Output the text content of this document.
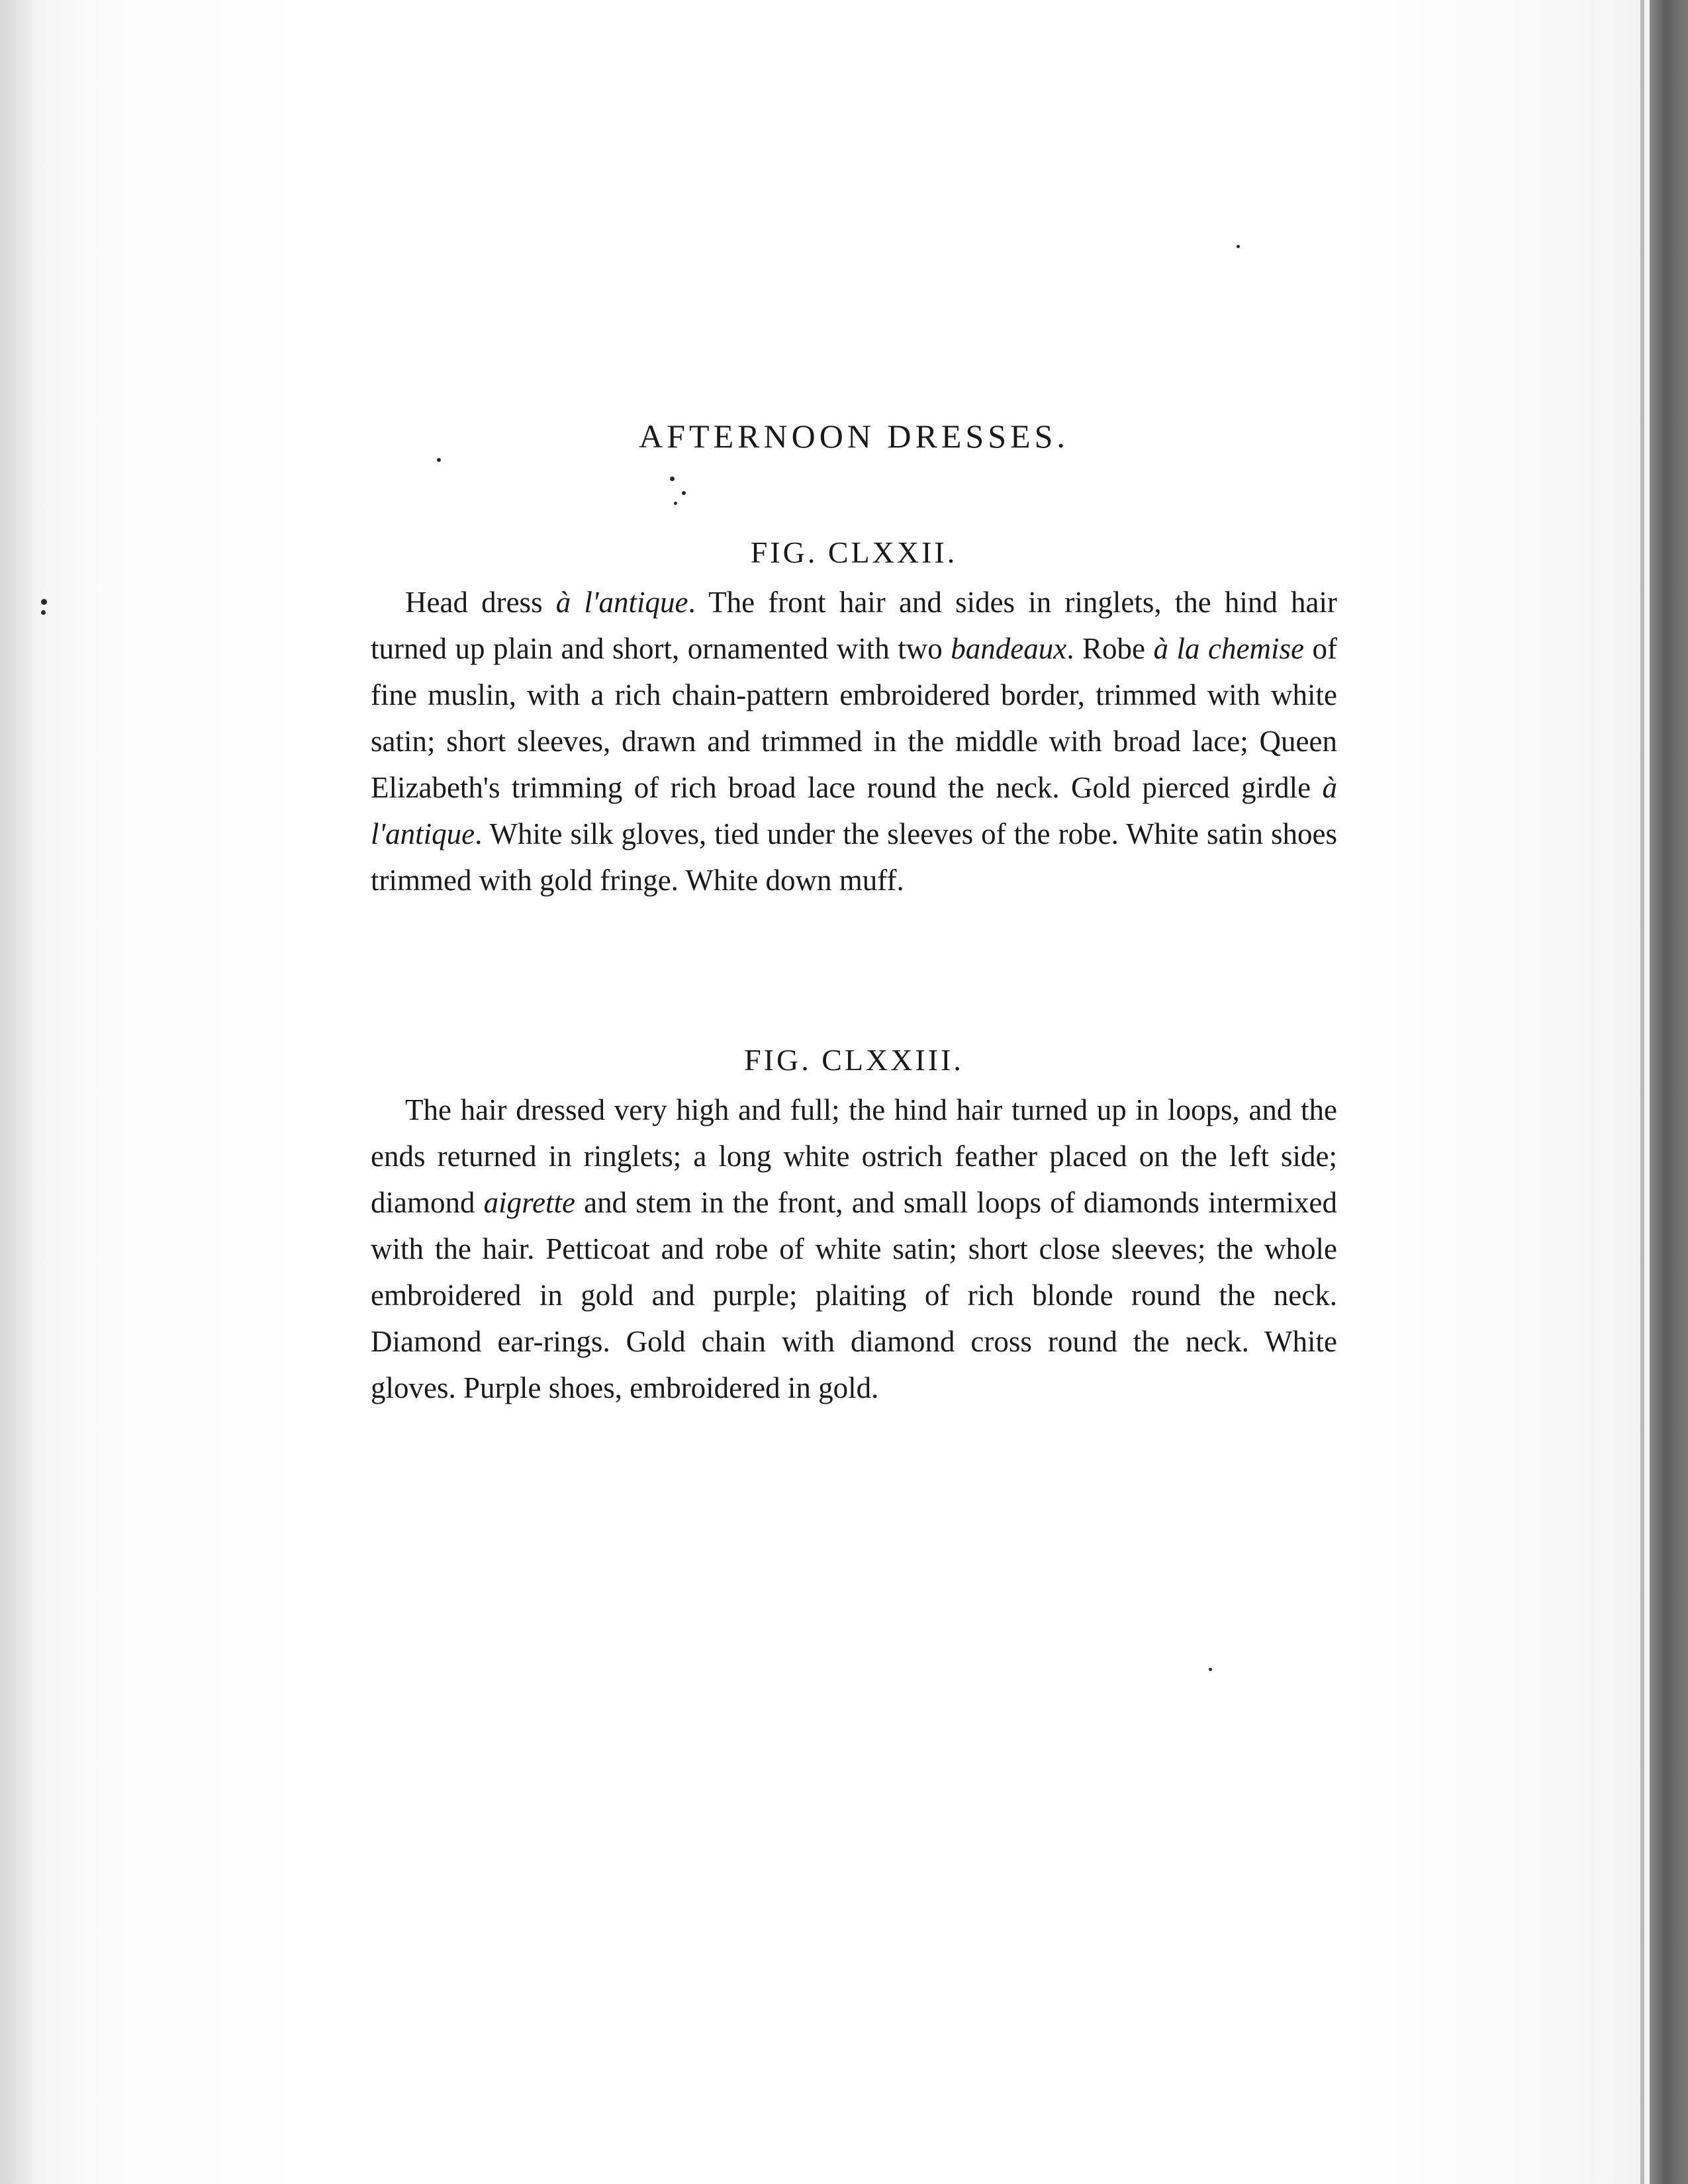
AFTERNOON DRESSES.
FIG. CLXXII.

Head dress à l'antique. The front hair and sides in ringlets, the hind hair turned up plain and short, ornamented with two bandeaux. Robe à la chemise of fine muslin, with a rich chain-pattern embroidered border, trimmed with white satin; short sleeves, drawn and trimmed in the middle with broad lace; Queen Elizabeth's trimming of rich broad lace round the neck. Gold pierced girdle à l'antique. White silk gloves, tied under the sleeves of the robe. White satin shoes trimmed with gold fringe. White down muff.

FIG. CLXXIII.

The hair dressed very high and full; the hind hair turned up in loops, and the ends returned in ringlets; a long white ostrich feather placed on the left side; diamond aigrette and stem in the front, and small loops of diamonds intermixed with the hair. Petticoat and robe of white satin; short close sleeves; the whole embroidered in gold and purple; plaiting of rich blonde round the neck. Diamond ear-rings. Gold chain with diamond cross round the neck. White gloves. Purple shoes, embroidered in gold.
